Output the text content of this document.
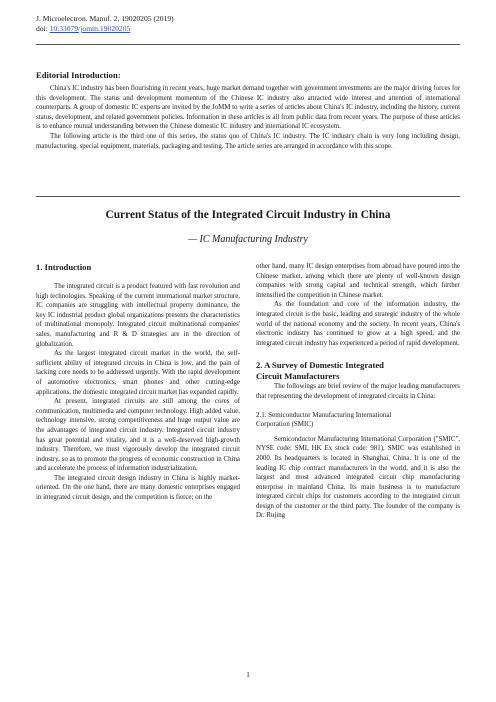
J. Microelectron. Manuf. 2, 19020205 (2019)
doi: 10.33079/jomm.19020205
Editorial Introduction:

China's IC industry has been flourishing in recent years, huge market demand together with government investments are the major driving forces for this development. The status and development momentum of the Chinese IC industry also attracted wide interest and attention of international counterparts. A group of domestic IC experts are invited by the JoMM to write a series of articles about China's IC industry, including the history, current status, development, and related government policies. Information in these articles is all from public data from recent years. The purpose of these articles is to enhance mutual understanding between the Chinese domestic IC industry and international IC ecosystem.

The following article is the third one of this series, the status quo of China's IC industry. The IC industry chain is very long including design, manufacturing, special equipment, materials, packaging and testing. The article series are arranged in accordance with this scope.

Current Status of the Integrated Circuit Industry in China
— IC Manufacturing Industry
1. Introduction

The integrated circuit is a product featured with fast revolution and high technologies. Speaking of the current international market structure, IC companies are struggling with intellectual property dominance, the key IC industrial product global organizations presents the characteristics of multinational monopoly. Integrated circuit multinational companies' sales, manufacturing and R & D strategies are in the direction of globalization.

As the largest integrated circuit market in the world, the self-sufficient ability of integrated circuits in China is low, and the pain of lacking core needs to be addressed urgently. With the rapid development of automotive electronics, smart phones and other cutting-edge applications, the domestic integrated circuit market has expanded rapidly.

At present, integrated circuits are still among the cores of communication, multimedia and computer technology. High added value, technology intensive, strong competitiveness and huge output value are the advantages of integrated circuit industry. Integrated circuit industry has great potential and vitality, and it is a well-deserved high-growth industry. Therefore, we must vigorously develop the integrated circuit industry, so as to promote the progress of economic construction in China and accelerate the process of information industrialization.

The integrated circuit design industry in China is highly market-oriented. On the one hand, there are many domestic enterprises engaged in integrated circuit design, and the competition is fierce; on the

other hand, many IC design enterprises from abroad have poured into the Chinese market, among which there are plenty of well-known design companies with strong capital and technical strength, which further intensified the competition in Chinese market.

As the foundation and core of the information industry, the integrated circuit is the basic, leading and strategic industry of the whole world of the national economy and the society. In recent years, China's electronic industry has continued to grow at a high speed, and the integrated circuit industry has experienced a period of rapid development.

2. A Survey of Domestic Integrated
Circuit Manufacturers

The followings are brief review of the major leading manufacturers that representing the development of integrated circuits in China:

2.1. Semiconductor Manufacturing International
Corporation (SMIC)

Semiconductor Manufacturing International Corporation ("SMIC", NYSE code: SMI, HK Ex stock code: 981), SMIC was established in 2000. Its headquarters is located in Shanghai, China. It is one of the leading IC chip contract manufacturers in the world, and it is also the largest and most advanced integrated circuit chip manufacturing enterprise in mainland China. Its main business is to manufacture integrated circuit chips for customers according to the integrated circuit design of the customer or the third party. The founder of the company is Dr. Rujing

1
